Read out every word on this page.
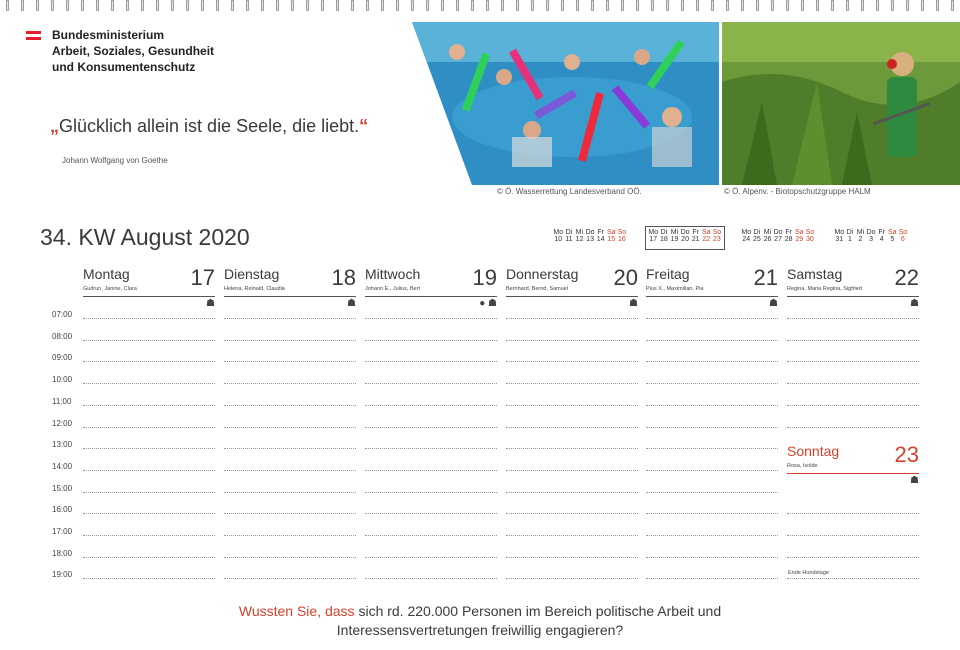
Bundesministerium
Arbeit, Soziales, Gesundheit
und Konsumentenschutz
„Glücklich allein ist die Seele, die liebt.“
Johann Wolfgang von Goethe
© Ö. Wasserrettung Landesverband OÖ.	© Ö. Alpenv. - Biotopschutzgruppe HALM
34. KW August 2020	Mo Di Mi Do Fr Sa So
10 11 12 13 14 15 16
Mo Di Mi Do Fr Sa So
17 18 19 20 21 22 23
Mo Di Mi Do Fr Sa So
24 25 26 27 28 29 30
Mo Di Mi Do Fr Sa So
31 1 2 3 4 5 6
Montag	17
Gudrun, Janine, Clara
☗
Dienstag 18
Helena, Reinald, Claudia
☗
Mittwoch 19
Johann E., Julius, Bert
● ☗
Donnerstag 20
Bernhard, Bernd, Samuel
☗
Freitag	21
Pius X., Maximilian, Pia
☗
Samstag 22
Regina, Maria Regina, Sigfried
☗
07:00
08:00
09:00
10:00
11:00
12:00
13:00
14:00
15:00
16:00
17:00
18:00
19:00
Sonntag	23
Rosa, Isolde
☗
Ende Hundstage
Wussten Sie, dass sich rd. 220.000 Personen im Bereich politische Arbeit und
Interessensvertretungen freiwillig engagieren?
